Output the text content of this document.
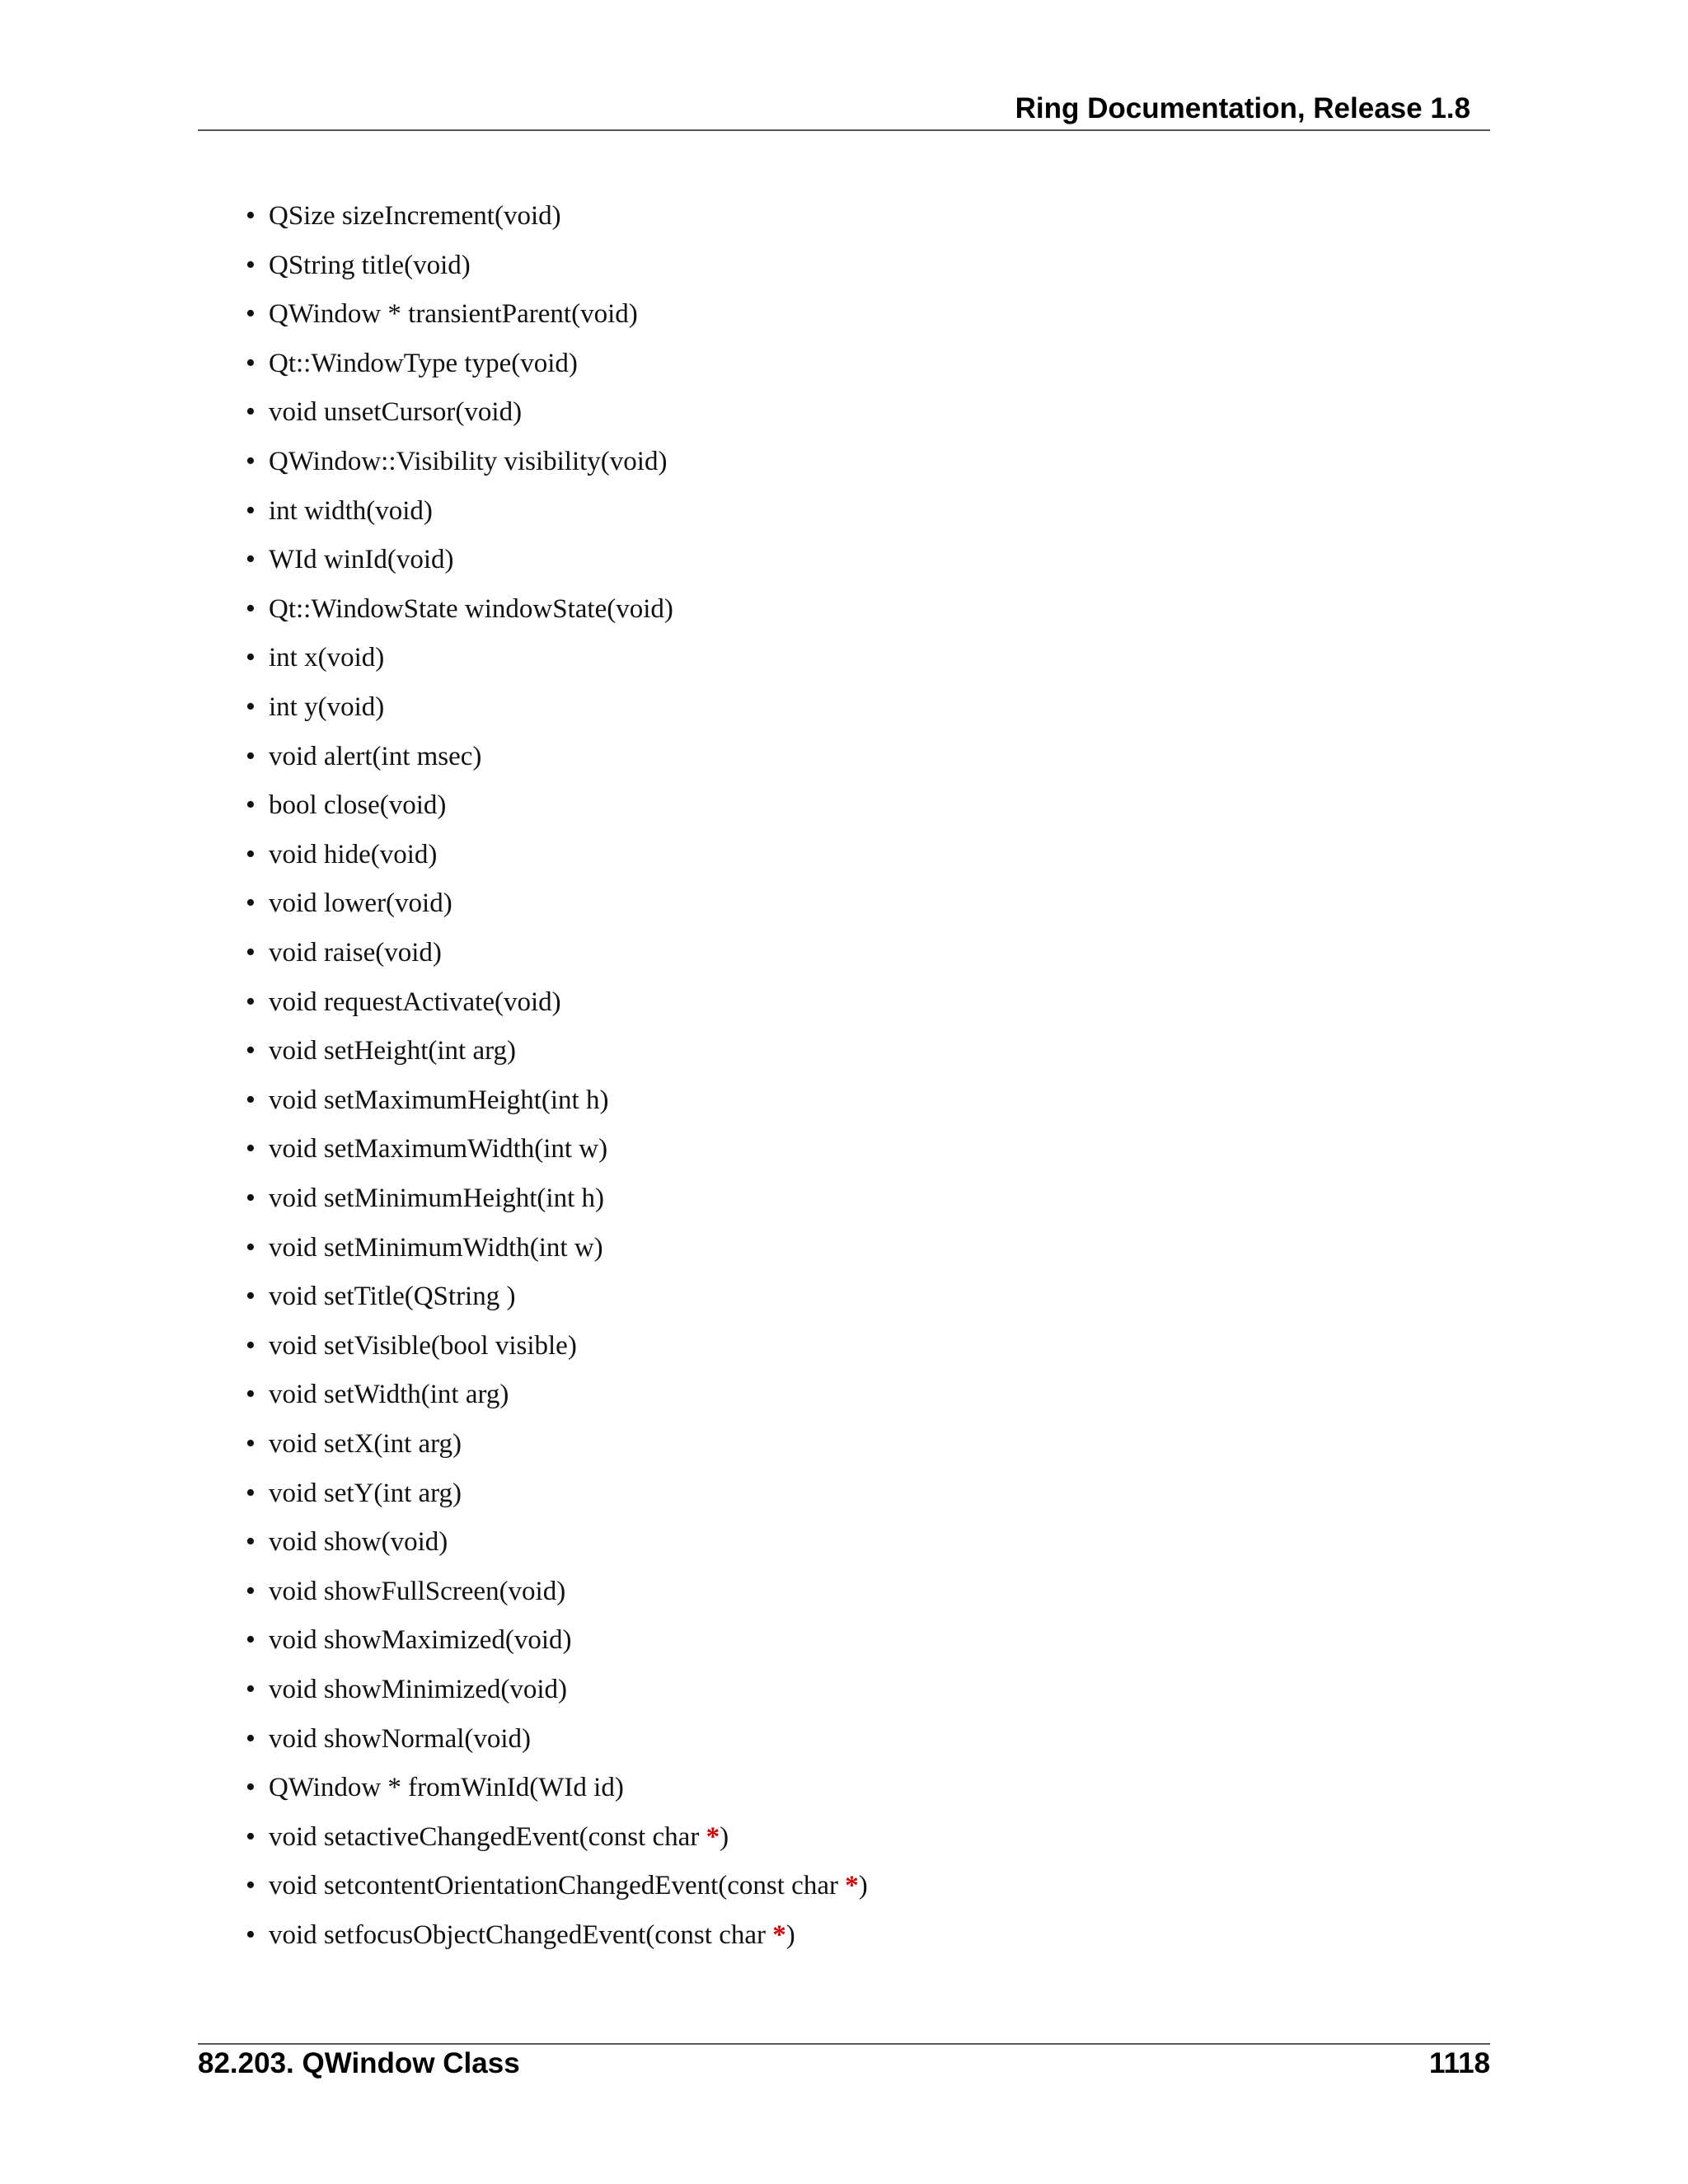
Ring Documentation, Release 1.8
• QSize sizeIncrement(void)
• QString title(void)
• QWindow * transientParent(void)
• Qt::WindowType type(void)
• void unsetCursor(void)
• QWindow::Visibility visibility(void)
• int width(void)
• WId winId(void)
• Qt::WindowState windowState(void)
• int x(void)
• int y(void)
• void alert(int msec)
• bool close(void)
• void hide(void)
• void lower(void)
• void raise(void)
• void requestActivate(void)
• void setHeight(int arg)
• void setMaximumHeight(int h)
• void setMaximumWidth(int w)
• void setMinimumHeight(int h)
• void setMinimumWidth(int w)
• void setTitle(QString )
• void setVisible(bool visible)
• void setWidth(int arg)
• void setX(int arg)
• void setY(int arg)
• void show(void)
• void showFullScreen(void)
• void showMaximized(void)
• void showMinimized(void)
• void showNormal(void)
• QWindow * fromWinId(WId id)
• void setactiveChangedEvent(const char *)
• void setcontentOrientationChangedEvent(const char *)
• void setfocusObjectChangedEvent(const char *)
82.203. QWindow Class	1118
